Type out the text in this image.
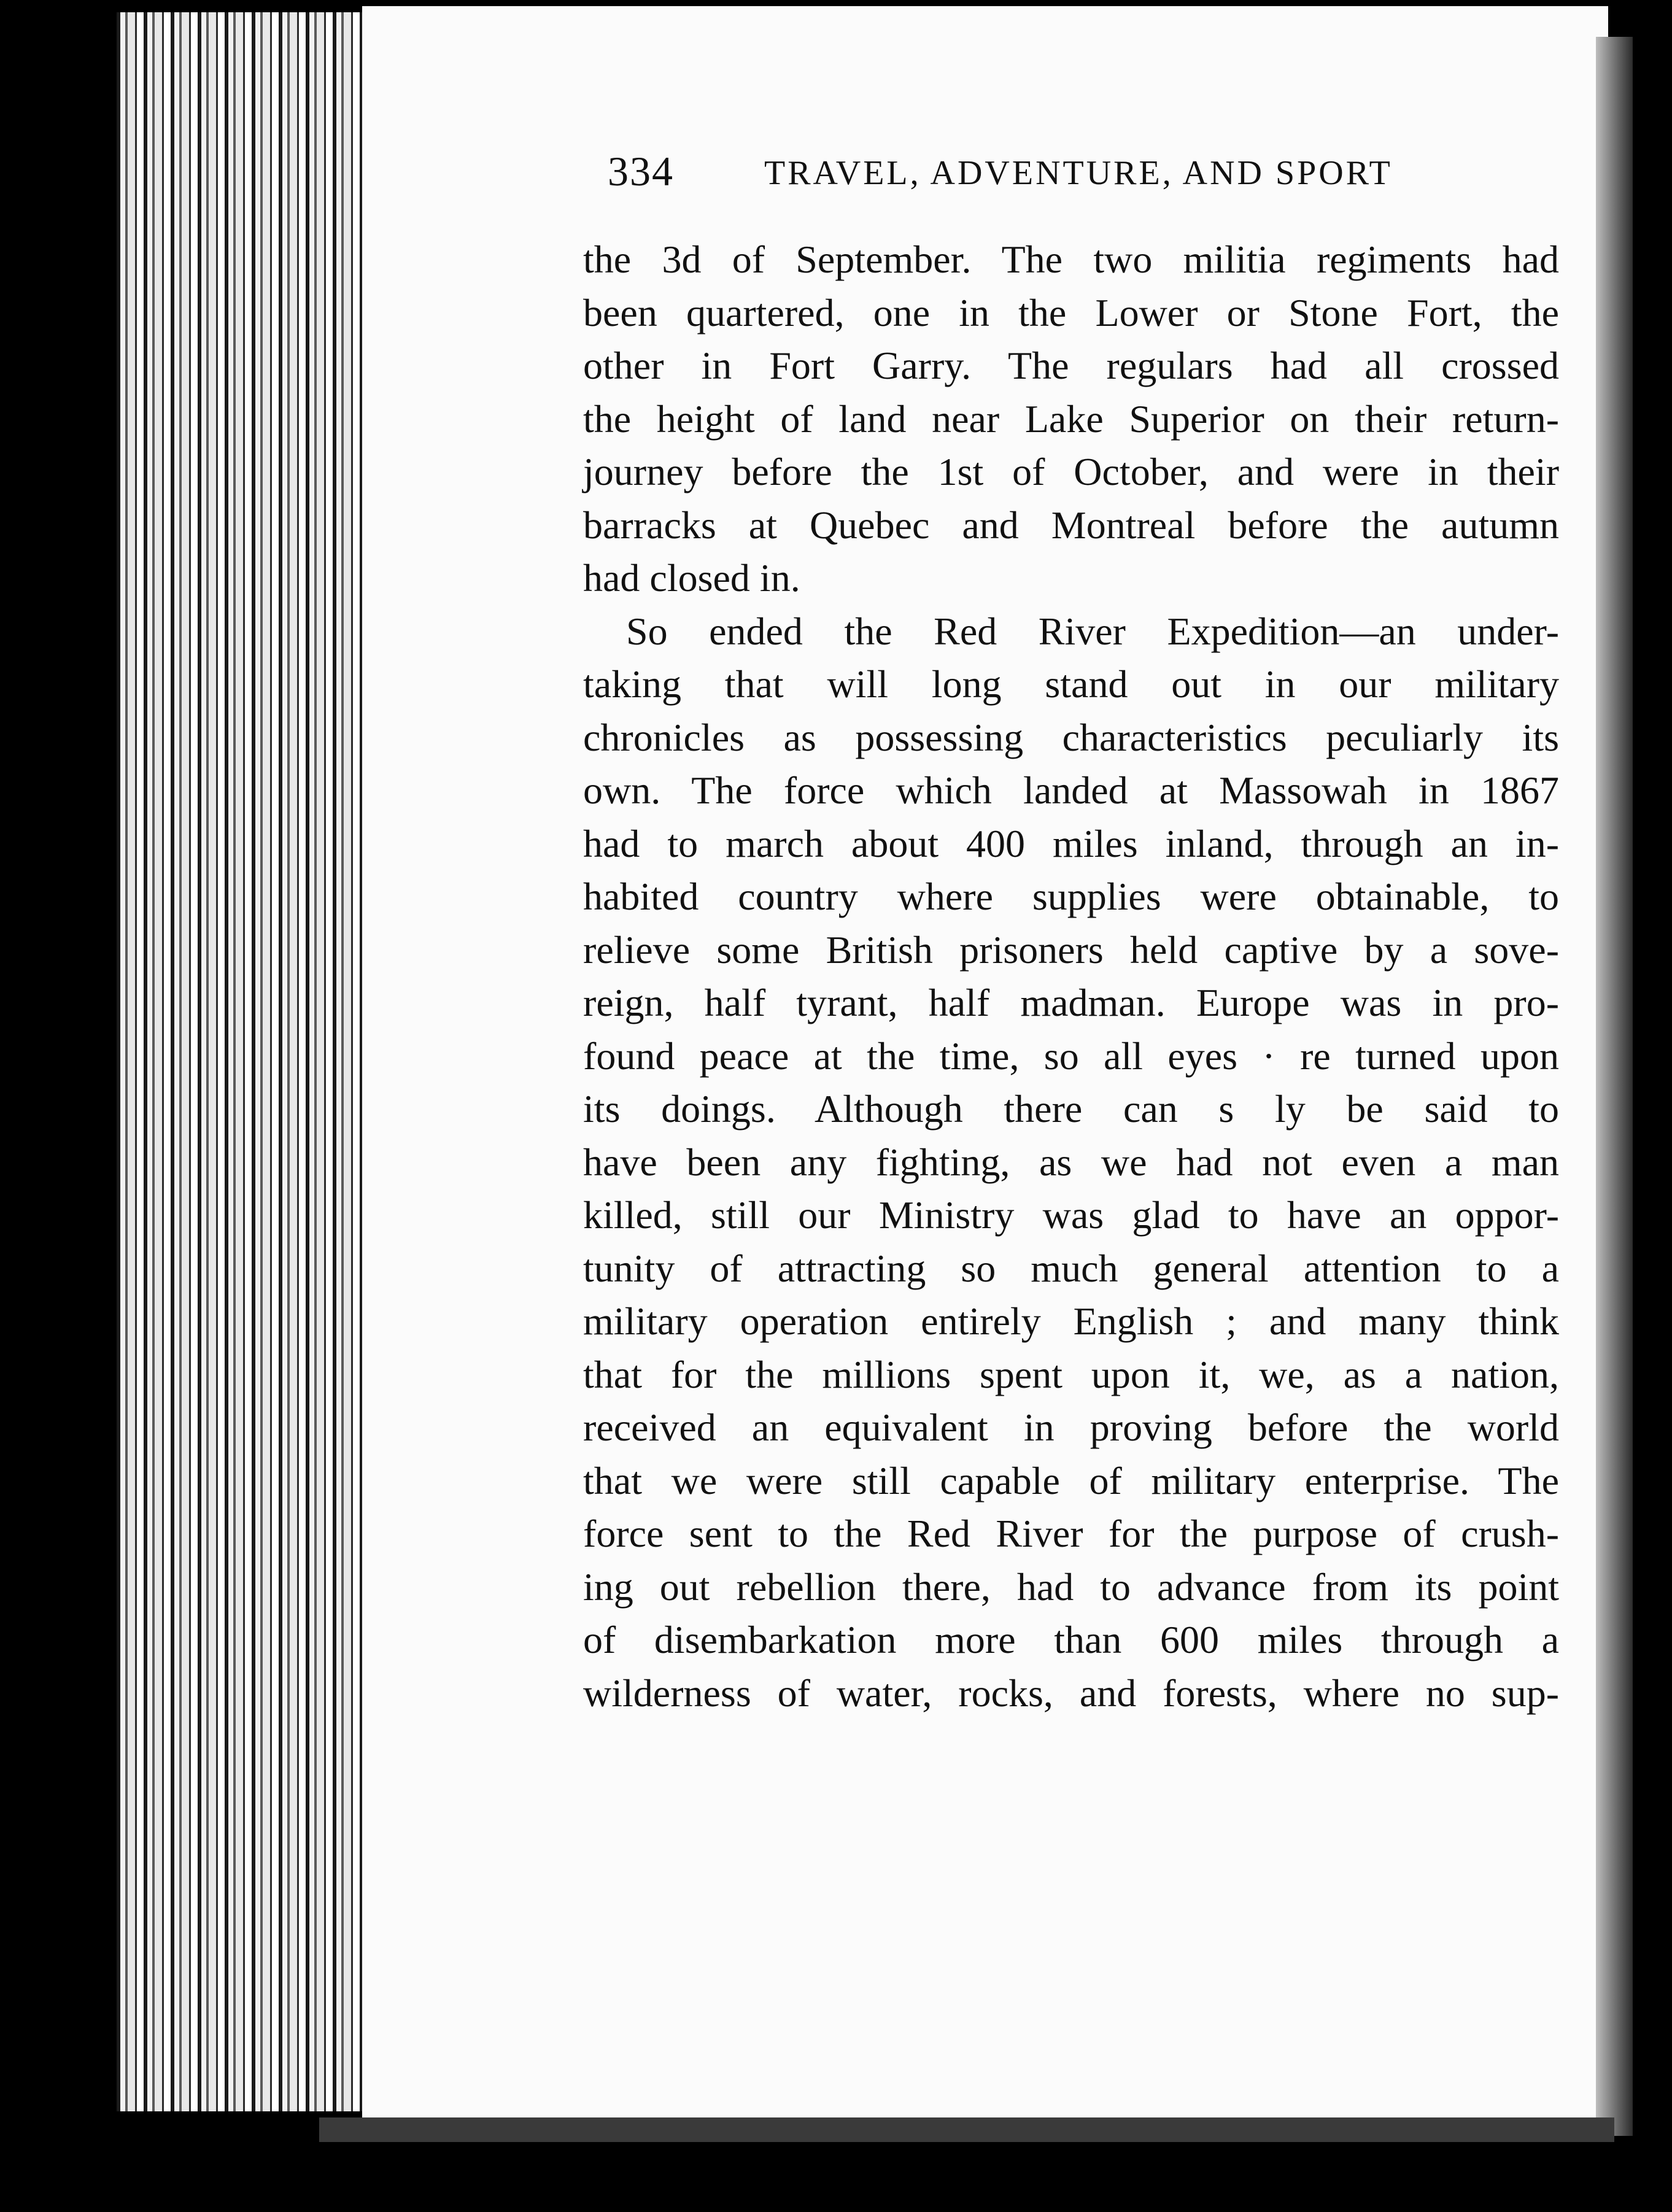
334	TRAVEL, ADVENTURE, AND SPORT
the 3d of September. The two militia regiments had
been quartered, one in the Lower or Stone Fort, the
other in Fort Garry. The regulars had all crossed
the height of land near Lake Superior on their return-
journey before the 1st of October, and were in their
barracks at Quebec and Montreal before the autumn
had closed in.
So ended the Red River Expedition—an under-
taking that will long stand out in our military
chronicles as possessing characteristics peculiarly its
own. The force which landed at Massowah in 1867
had to march about 400 miles inland, through an in-
habited country where supplies were obtainable, to
relieve some British prisoners held captive by a sove-
reign, half tyrant, half madman. Europe was in pro-
found peace at the time, so all eyes · re turned upon
its doings. Although there can s ly be said to
have been any fighting, as we had not even a man
killed, still our Ministry was glad to have an oppor-
tunity of attracting so much general attention to a
military operation entirely English ; and many think
that for the millions spent upon it, we, as a nation,
received an equivalent in proving before the world
that we were still capable of military enterprise. The
force sent to the Red River for the purpose of crush-
ing out rebellion there, had to advance from its point
of disembarkation more than 600 miles through a
wilderness of water, rocks, and forests, where no sup-
